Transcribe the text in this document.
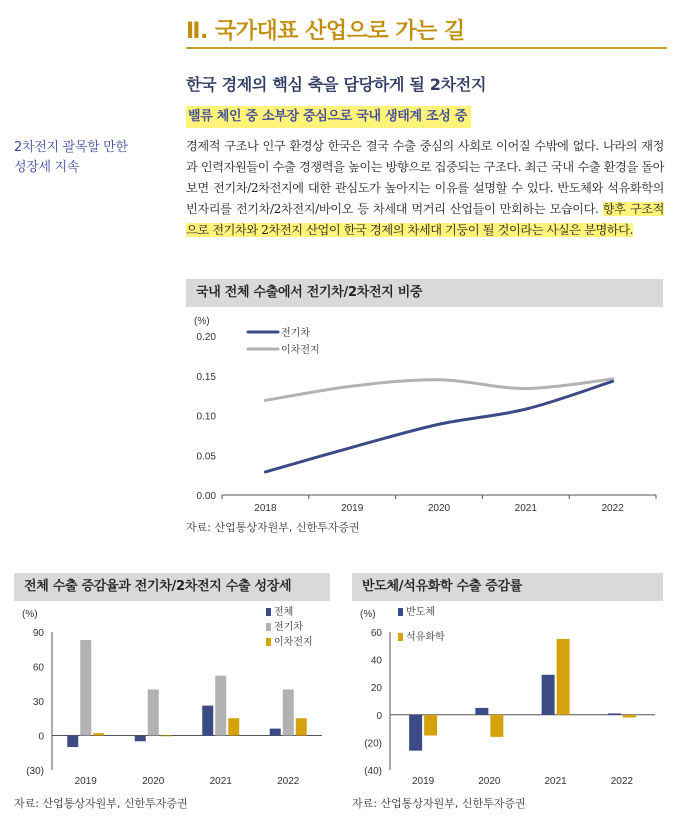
Ⅱ. 국가대표 산업으로 가는 길
한국 경제의 핵심 축을 담당하게 될 2차전지
밸류 체인 중 소부장 중심으로 국내 생태계 조성 중
2차전지 괄목할 만한
성장세 지속
경제적 구조나 인구 환경상 한국은 결국 수출 중심의 사회로 이어질 수밖에 없다. 나라의 재정과 인력자원들이 수출 경쟁력을 높이는 방향으로 집중되는 구조다. 최근 국내 수출 환경을 돌아보면 전기차/2차전지에 대한 관심도가 높아지는 이유를 설명할 수 있다. 반도체와 석유화학의 빈자리를 전기차/2차전지/바이오 등 차세대 먹거리 산업들이 만회하는 모습이다. 향후 구조적으로 전기차와 2차전지 산업이 한국 경제의 차세대 기둥이 될 것이라는 사실은 분명하다.
국내 전체 수출에서 전기차/2차전지 비중
(%)
0.00
0.05
0.10
0.15
0.20
2018	2019	2020	2021	2022
전기차
이차전지
자료: 산업통상자원부, 신한투자증권
전체 수출 증감율과 전기차/2차전지 수출 성장세
(%)
(30)
0
30
60
90
2019	2020	2021	2022
전체
전기차
이차전지
자료: 산업통상자원부, 신한투자증권
반도체/석유화학 수출 증감률
(%)
(40)
(20)
0
20
40
60
2019	2020	2021	2022
반도체
석유화학
자료: 산업통상자원부, 신한투자증권
